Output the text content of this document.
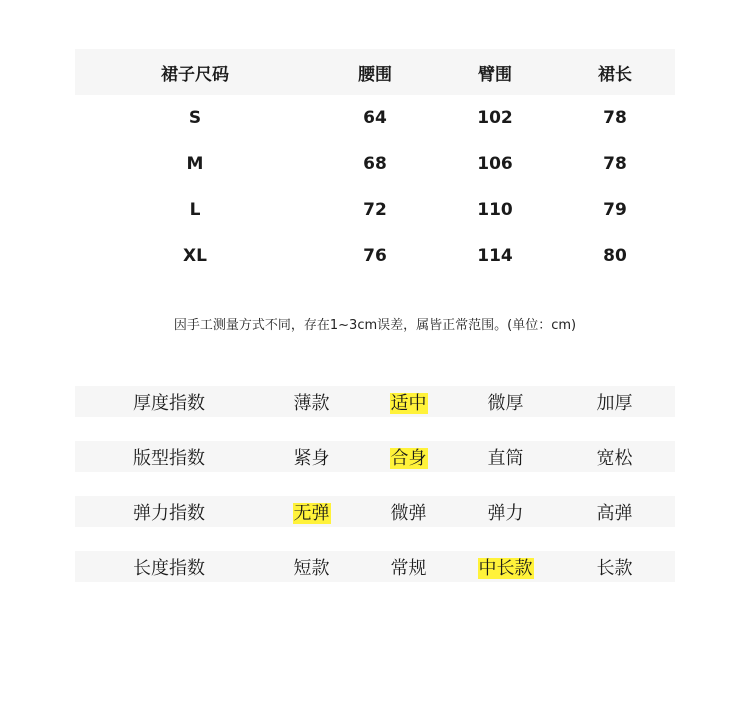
裙子尺码	腰围	臂围	裙长
S	64	102	78
M	68	106	78
L	72	110	79
XL	76	114	80
因手工测量方式不同，存在1~3cm误差，属皆正常范围。(单位：cm)
厚度指数	薄款	适中	微厚	加厚
版型指数	紧身	合身	直筒	宽松
弹力指数	无弹	微弹	弹力	高弹
长度指数	短款	常规	中长款	长款
